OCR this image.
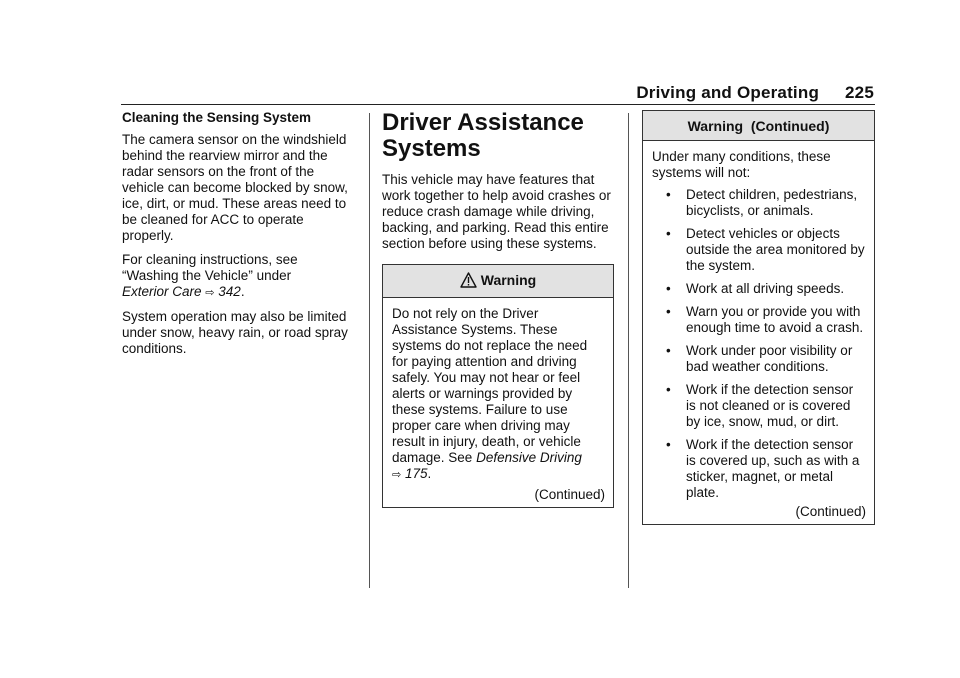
Driving and Operating 225
Cleaning the Sensing System

The camera sensor on the windshield behind the rearview mirror and the radar sensors on the front of the vehicle can become blocked by snow, ice, dirt, or mud. These areas need to be cleaned for ACC to operate properly.

For cleaning instructions, see “Washing the Vehicle” under
Exterior Care ⇨ 342.

System operation may also be limited under snow, heavy rain, or road spray conditions.

Driver Assistance Systems

This vehicle may have features that work together to help avoid crashes or reduce crash damage while driving, backing, and parking. Read this entire section before using these systems.

Warning

Do not rely on the Driver Assistance Systems. These systems do not replace the need for paying attention and driving safely. You may not hear or feel alerts or warnings provided by these systems. Failure to use proper care when driving may result in injury, death, or vehicle damage. See Defensive Driving
⇨ 175.

(Continued)
Warning  (Continued)

Under many conditions, these systems will not:

• Detect children, pedestrians, bicyclists, or animals.
• Detect vehicles or objects outside the area monitored by the system.
• Work at all driving speeds.
• Warn you or provide you with enough time to avoid a crash.
• Work under poor visibility or bad weather conditions.
• Work if the detection sensor is not cleaned or is covered by ice, snow, mud, or dirt.
• Work if the detection sensor is covered up, such as with a sticker, magnet, or metal plate.
(Continued)
